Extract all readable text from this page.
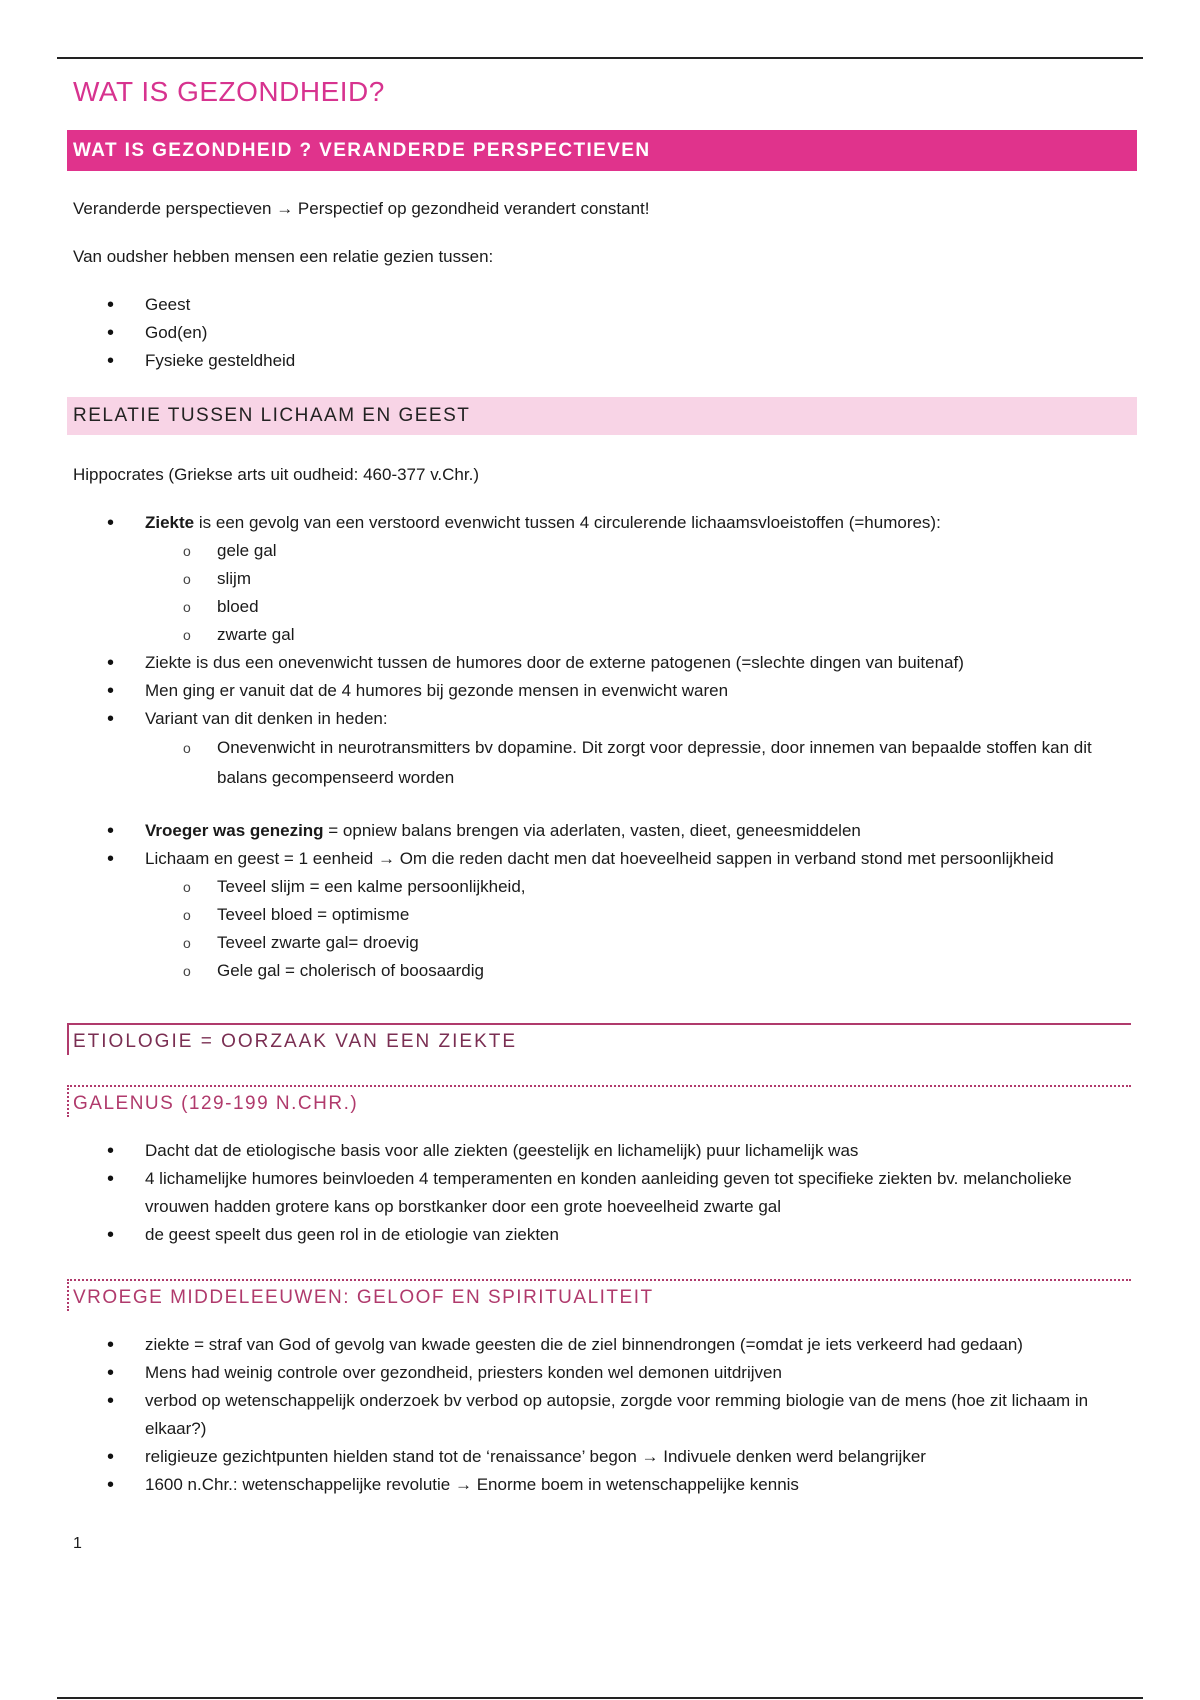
WAT IS GEZONDHEID?
WAT IS GEZONDHEID ? VERANDERDE PERSPECTIEVEN

Veranderde perspectieven → Perspectief op gezondheid verandert constant!

Van oudsher hebben mensen een relatie gezien tussen:

• Geest
• God(en)
• Fysieke gesteldheid
RELATIE TUSSEN LICHAAM EN GEEST

Hippocrates (Griekse arts uit oudheid: 460-377 v.Chr.)

• Ziekte is een gevolg van een verstoord evenwicht tussen 4 circulerende lichaamsvloeistoffen (=humores):
o gele gal
o slijm
o bloed
o zwarte gal
• Ziekte is dus een onevenwicht tussen de humores door de externe patogenen (=slechte dingen van buitenaf)
• Men ging er vanuit dat de 4 humores bij gezonde mensen in evenwicht waren
• Variant van dit denken in heden:
o Onevenwicht in neurotransmitters bv dopamine. Dit zorgt voor depressie, door innemen van bepaalde stoffen kan dit balans gecompenseerd worden
• Vroeger was genezing = opniew balans brengen via aderlaten, vasten, dieet, geneesmiddelen
• Lichaam en geest = 1 eenheid → Om die reden dacht men dat hoeveelheid sappen in verband stond met persoonlijkheid
o Teveel slijm = een kalme persoonlijkheid,
o Teveel bloed = optimisme
o Teveel zwarte gal= droevig
o Gele gal = cholerisch of boosaardig
ETIOLOGIE = OORZAAK VAN EEN ZIEKTE
GALENUS (129-199 N.CHR.)
• Dacht dat de etiologische basis voor alle ziekten (geestelijk en lichamelijk) puur lichamelijk was
• 4 lichamelijke humores beinvloeden 4 temperamenten en konden aanleiding geven tot specifieke ziekten bv. melancholieke vrouwen hadden grotere kans op borstkanker door een grote hoeveelheid zwarte gal
• de geest speelt dus geen rol in de etiologie van ziekten
VROEGE MIDDELEEUWEN: GELOOF EN SPIRITUALITEIT
• ziekte = straf van God of gevolg van kwade geesten die de ziel binnendrongen (=omdat je iets verkeerd had gedaan)
• Mens had weinig controle over gezondheid, priesters konden wel demonen uitdrijven
• verbod op wetenschappelijk onderzoek bv verbod op autopsie, zorgde voor remming biologie van de mens (hoe zit lichaam in elkaar?)
• religieuze gezichtpunten hielden stand tot de ‘renaissance’ begon → Indivuele denken werd belangrijker
• 1600 n.Chr.: wetenschappelijke revolutie → Enorme boem in wetenschappelijke kennis
1
